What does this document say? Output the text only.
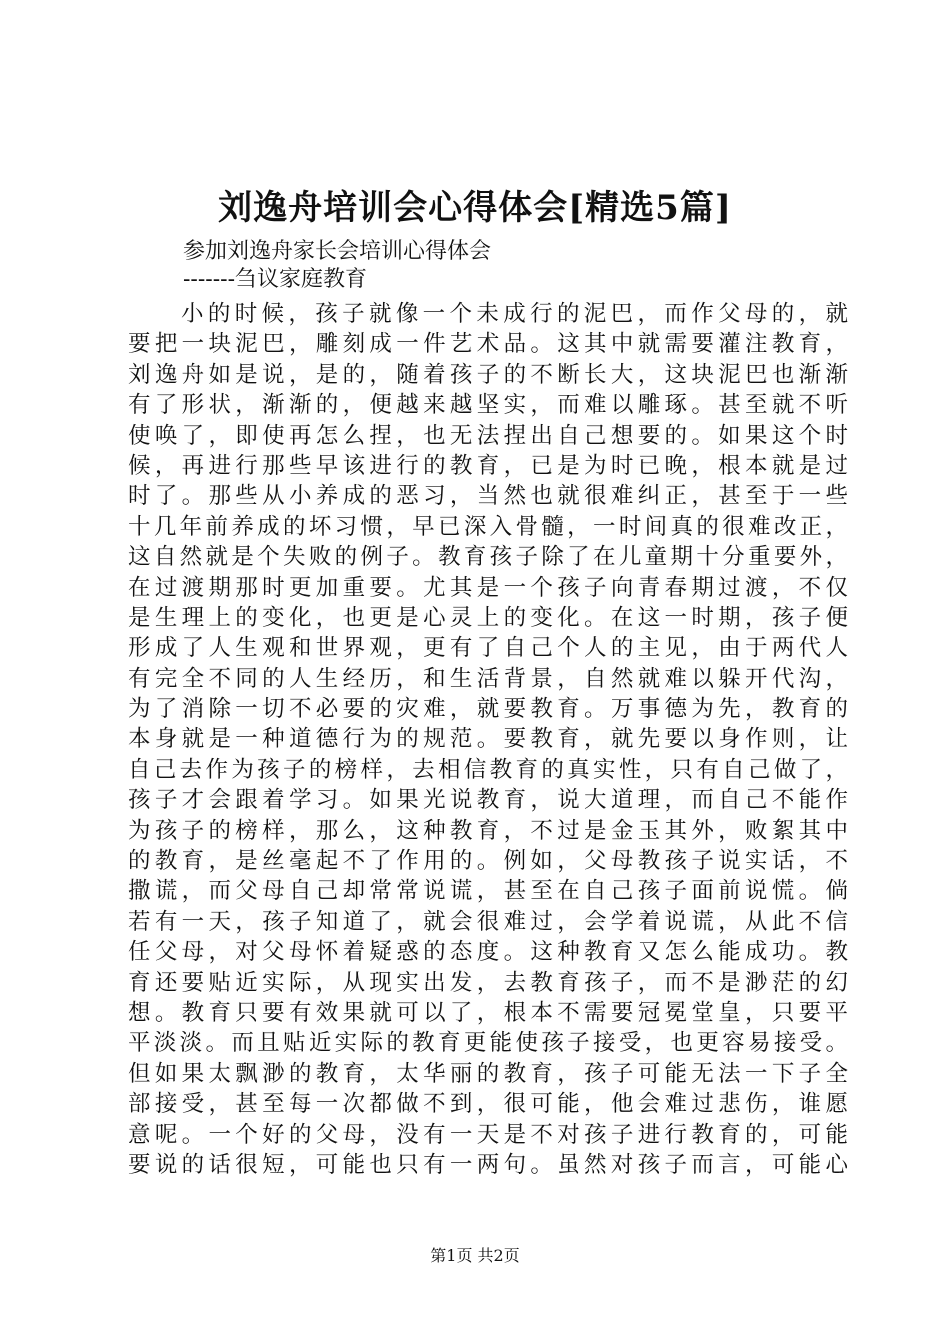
刘逸舟培训会心得体会[精选5篇]
参加刘逸舟家长会培训心得体会
-------刍议家庭教育
小的时候，孩子就像一个未成行的泥巴，而作父母的，就
要把一块泥巴，雕刻成一件艺术品。这其中就需要灌注教育，
刘逸舟如是说，是的，随着孩子的不断长大，这块泥巴也渐渐
有了形状，渐渐的，便越来越坚实，而难以雕琢。甚至就不听
使唤了，即使再怎么捏，也无法捏出自己想要的。如果这个时
候，再进行那些早该进行的教育，已是为时已晚，根本就是过
时了。那些从小养成的恶习，当然也就很难纠正，甚至于一些
十几年前养成的坏习惯，早已深入骨髓，一时间真的很难改正，
这自然就是个失败的例子。教育孩子除了在儿童期十分重要外，
在过渡期那时更加重要。尤其是一个孩子向青春期过渡，不仅
是生理上的变化，也更是心灵上的变化。在这一时期，孩子便
形成了人生观和世界观，更有了自己个人的主见，由于两代人
有完全不同的人生经历，和生活背景，自然就难以躲开代沟，
为了消除一切不必要的灾难，就要教育。万事德为先，教育的
本身就是一种道德行为的规范。要教育，就先要以身作则，让
自己去作为孩子的榜样，去相信教育的真实性，只有自己做了，
孩子才会跟着学习。如果光说教育，说大道理，而自己不能作
为孩子的榜样，那么，这种教育，不过是金玉其外，败絮其中
的教育，是丝毫起不了作用的。例如，父母教孩子说实话，不
撒谎，而父母自己却常常说谎，甚至在自己孩子面前说慌。倘
若有一天，孩子知道了，就会很难过，会学着说谎，从此不信
任父母，对父母怀着疑惑的态度。这种教育又怎么能成功。教
育还要贴近实际，从现实出发，去教育孩子，而不是渺茫的幻
想。教育只要有效果就可以了，根本不需要冠冕堂皇，只要平
平淡淡。而且贴近实际的教育更能使孩子接受，也更容易接受。
但如果太飘渺的教育，太华丽的教育，孩子可能无法一下子全
部接受，甚至每一次都做不到，很可能，他会难过悲伤，谁愿
意呢。一个好的父母，没有一天是不对孩子进行教育的，可能
要说的话很短，可能也只有一两句。虽然对孩子而言，可能心
第1页 共2页
